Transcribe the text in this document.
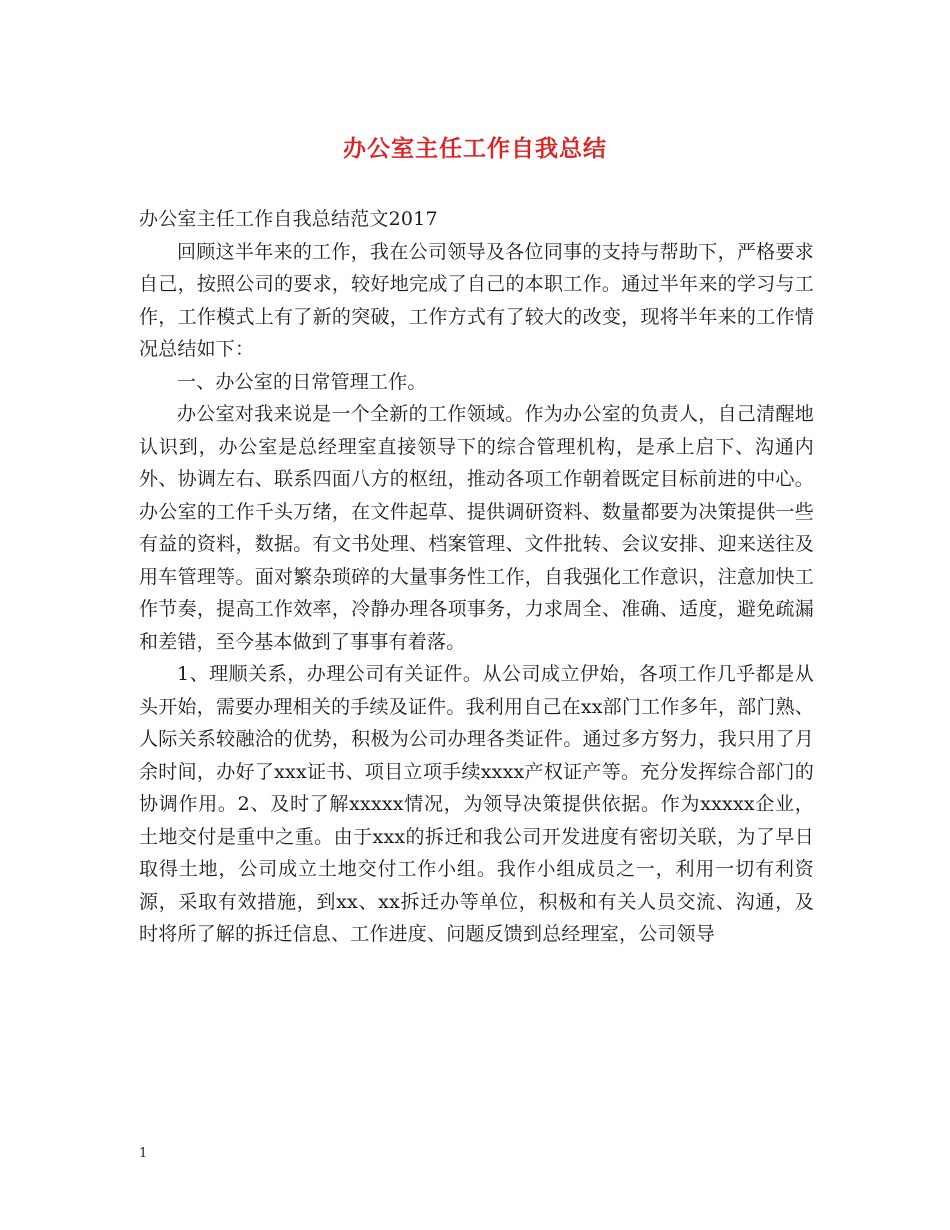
办公室主任工作自我总结

办公室主任工作自我总结范文2017

回顾这半年来的工作，我在公司领导及各位同事的支持与帮助下，严格要求自己，按照公司的要求，较好地完成了自己的本职工作。通过半年来的学习与工作，工作模式上有了新的突破，工作方式有了较大的改变，现将半年来的工作情况总结如下：

一、办公室的日常管理工作。

办公室对我来说是一个全新的工作领域。作为办公室的负责人，自己清醒地认识到，办公室是总经理室直接领导下的综合管理机构，是承上启下、沟通内外、协调左右、联系四面八方的枢纽，推动各项工作朝着既定目标前进的中心。办公室的工作千头万绪，在文件起草、提供调研资料、数量都要为决策提供一些有益的资料，数据。有文书处理、档案管理、文件批转、会议安排、迎来送往及用车管理等。面对繁杂琐碎的大量事务性工作，自我强化工作意识，注意加快工作节奏，提高工作效率，冷静办理各项事务，力求周全、准确、适度，避免疏漏和差错，至今基本做到了事事有着落。

1、理顺关系，办理公司有关证件。从公司成立伊始，各项工作几乎都是从头开始，需要办理相关的手续及证件。我利用自己在xx部门工作多年，部门熟、人际关系较融洽的优势，积极为公司办理各类证件。通过多方努力，我只用了月余时间，办好了xxx证书、项目立项手续xxxx产权证产等。充分发挥综合部门的协调作用。2、及时了解xxxxx情况，为领导决策提供依据。作为xxxxx企业，土地交付是重中之重。由于xxx的拆迁和我公司开发进度有密切关联，为了早日取得土地，公司成立土地交付工作小组。我作小组成员之一，利用一切有利资源，采取有效措施，到xx、xx拆迁办等单位，积极和有关人员交流、沟通，及时将所了解的拆迁信息、工作进度、问题反馈到总经理室，公司领导

1
